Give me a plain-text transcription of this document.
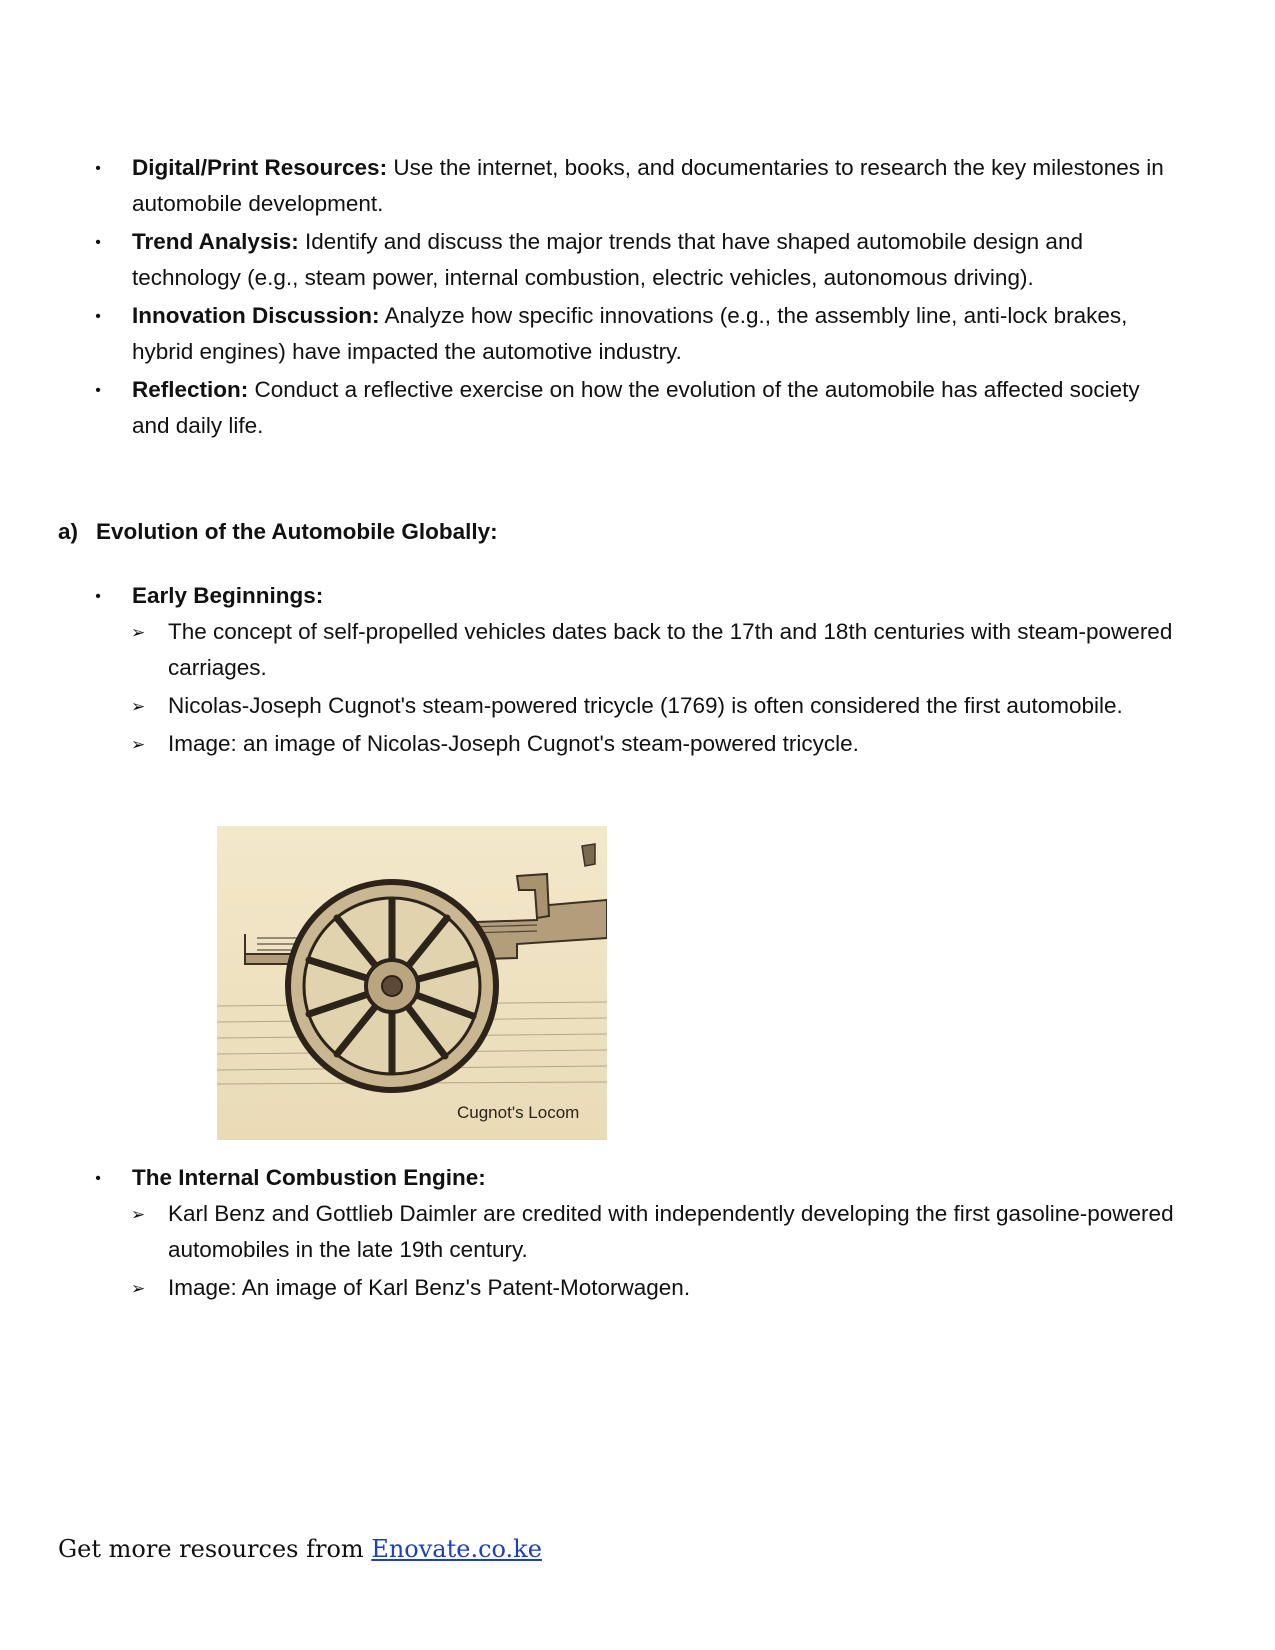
• Digital/Print Resources: Use the internet, books, and documentaries to research the key milestones in automobile development.
• Trend Analysis: Identify and discuss the major trends that have shaped automobile design and technology (e.g., steam power, internal combustion, electric vehicles, autonomous driving).
• Innovation Discussion: Analyze how specific innovations (e.g., the assembly line, anti-lock brakes, hybrid engines) have impacted the automotive industry.
• Reflection: Conduct a reflective exercise on how the evolution of the automobile has affected society and daily life.
a) Evolution of the Automobile Globally:
• Early Beginnings:
➢ The concept of self-propelled vehicles dates back to the 17th and 18th centuries with steam-powered carriages.
➢ Nicolas-Joseph Cugnot's steam-powered tricycle (1769) is often considered the first automobile.
➢ Image: an image of Nicolas-Joseph Cugnot's steam-powered tricycle.
Cugnot's Locom
• The Internal Combustion Engine:
➢ Karl Benz and Gottlieb Daimler are credited with independently developing the first gasoline-powered automobiles in the late 19th century.
➢ Image: An image of Karl Benz's Patent-Motorwagen.
Get more resources from Enovate.co.ke
